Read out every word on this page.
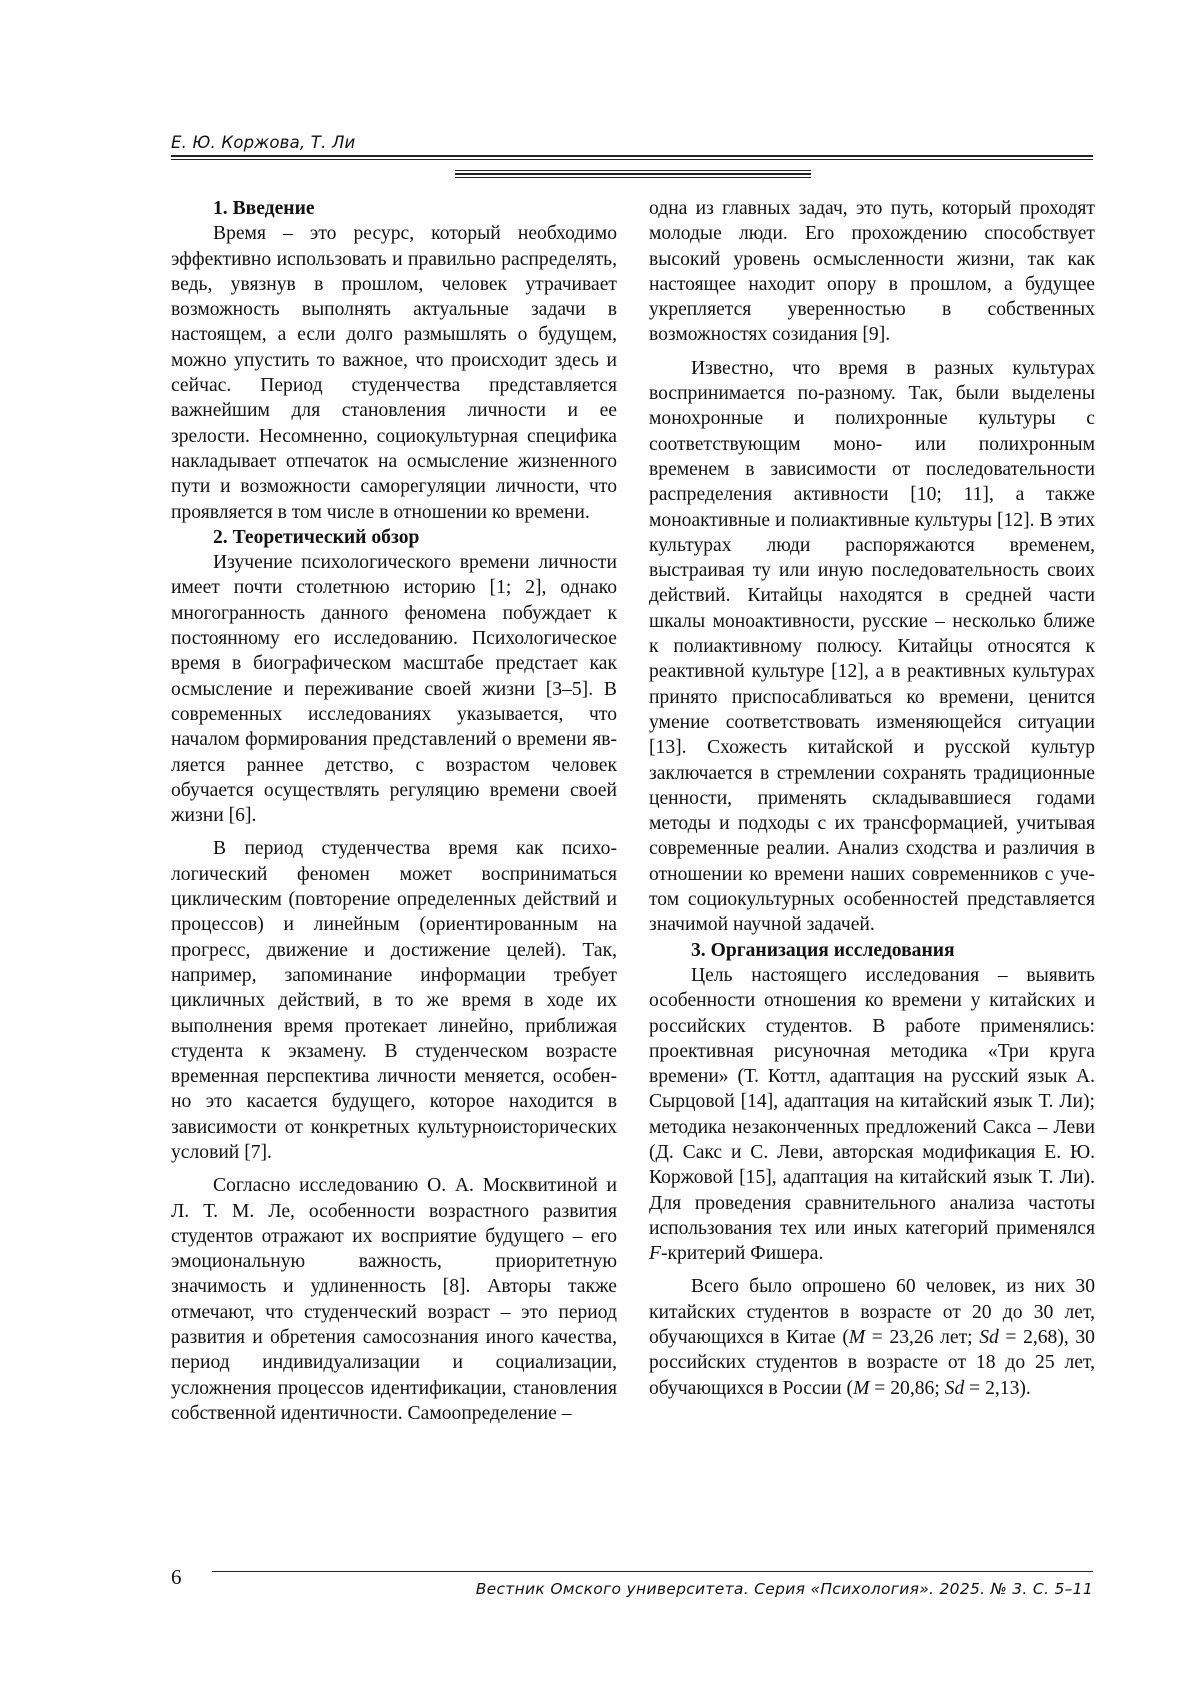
Е. Ю. Коржова, Т. Ли
1. Введение

Время – это ресурс, который необходимо эффективно использовать и правильно распределять, ведь, увязнув в прошлом, человек утрачивает возможность выполнять актуальные задачи в настоящем, а если долго размышлять о будущем, можно упустить то важное, что происходит здесь и сейчас. Период студенчества представляется важнейшим для становления личности и ее зрелости. Несомненно, социокультурная специфика накладывает отпечаток на осмысление жизненного пути и возможности саморегуляции личности, что проявляется в том числе в отношении ко времени.

2. Теоретический обзор

Изучение психологического времени личности имеет почти столетнюю историю [1; 2], однако многогранность данного феномена побуждает к постоянному его исследованию. Психологическое время в биографическом масштабе предстает как осмысление и переживание своей жизни [3–5]. В современных исследованиях указывается, что началом формирования представлений о времени является раннее детство, с возрастом человек обучается осуществлять регуляцию времени своей жизни [6].

В период студенчества время как психологический феномен может восприниматься циклическим (повторение определенных действий и процессов) и линейным (ориентированным на прогресс, движение и достижение целей). Так, например, запоминание информации требует цикличных действий, в то же время в ходе их выполнения время протекает линейно, приближая студента к экзамену. В студенческом возрасте временная перспектива личности меняется, особенно это касается будущего, которое находится в зависимости от конкретных культурноисторических условий [7].

Согласно исследованию О. А. Москвитиной и Л. Т. М. Ле, особенности возрастного развития студентов отражают их восприятие будущего – его эмоциональную важность, приоритетную значимость и удлиненность [8]. Авторы также отмечают, что студенческий возраст – это период развития и обретения самосознания иного качества, период индивидуализации и социализации, усложнения процессов идентификации, становления собственной идентичности. Самоопределение –

одна из главных задач, это путь, который проходят молодые люди. Его прохождению способствует высокий уровень осмысленности жизни, так как настоящее находит опору в прошлом, а будущее укрепляется уверенностью в собственных возможностях созидания [9].

Известно, что время в разных культурах воспринимается по-разному. Так, были выделены монохронные и полихронные культуры с соответствующим моно- или полихронным временем в зависимости от последовательности распределения активности [10; 11], а также моноактивные и полиактивные культуры [12]. В этих культурах люди распоряжаются временем, выстраивая ту или иную последовательность своих действий. Китайцы находятся в средней части шкалы моноактивности, русские – несколько ближе к полиактивному полюсу. Китайцы относятся к реактивной культуре [12], а в реактивных культурах принято приспосабливаться ко времени, ценится умение соответствовать изменяющейся ситуации [13]. Схожесть китайской и русской культур заключается в стремлении сохранять традиционные ценности, применять складывавшиеся годами методы и подходы с их трансформацией, учитывая современные реалии. Анализ сходства и различия в отношении ко времени наших современников с учетом социокультурных особенностей представляется значимой научной задачей.

3. Организация исследования

Цель настоящего исследования – выявить особенности отношения ко времени у китайских и российских студентов. В работе применялись: проективная рисуночная методика «Три круга времени» (Т. Коттл, адаптация на русский язык А. Сырцовой [14], адаптация на китайский язык Т. Ли); методика незаконченных предложений Сакса – Леви (Д. Сакс и С. Леви, авторская модификация Е. Ю. Коржовой [15], адаптация на китайский язык Т. Ли). Для проведения сравнительного анализа частоты использования тех или иных категорий применялся F-критерий Фишера.

Всего было опрошено 60 человек, из них 30 китайских студентов в возрасте от 20 до 30 лет, обучающихся в Китае (M = 23,26 лет; Sd = 2,68), 30 российских студентов в возрасте от 18 до 25 лет, обучающихся в России (M = 20,86; Sd = 2,13).

6	Вестник Омского университета. Серия «Психология». 2025. № 3. С. 5–11
